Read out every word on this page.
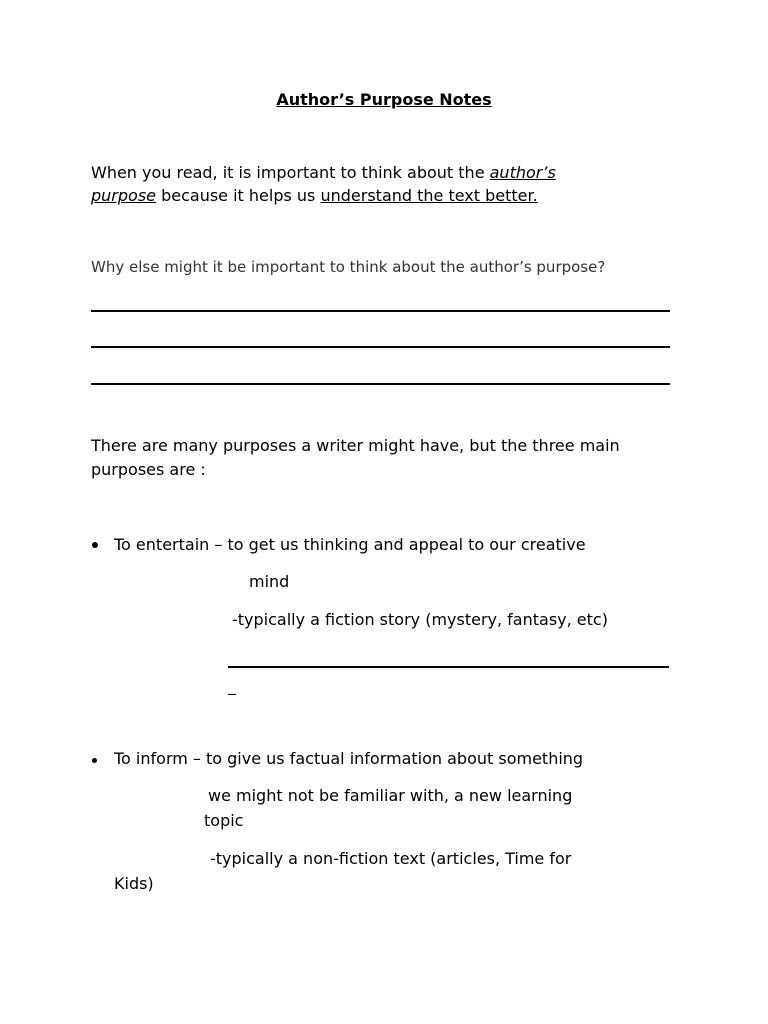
Author’s Purpose Notes
When you read, it is important to think about the author’s
purpose because it helps us understand the text better.
Why else might it be important to think about the author’s purpose?
There are many purposes a writer might have, but the three main
purposes are :
To entertain – to get us thinking and appeal to our creative
mind
-typically a fiction story (mystery, fantasy, etc)
_
To inform – to give us factual information about something
we might not be familiar with, a new learning
topic
-typically a non-fiction text (articles, Time for
Kids)
